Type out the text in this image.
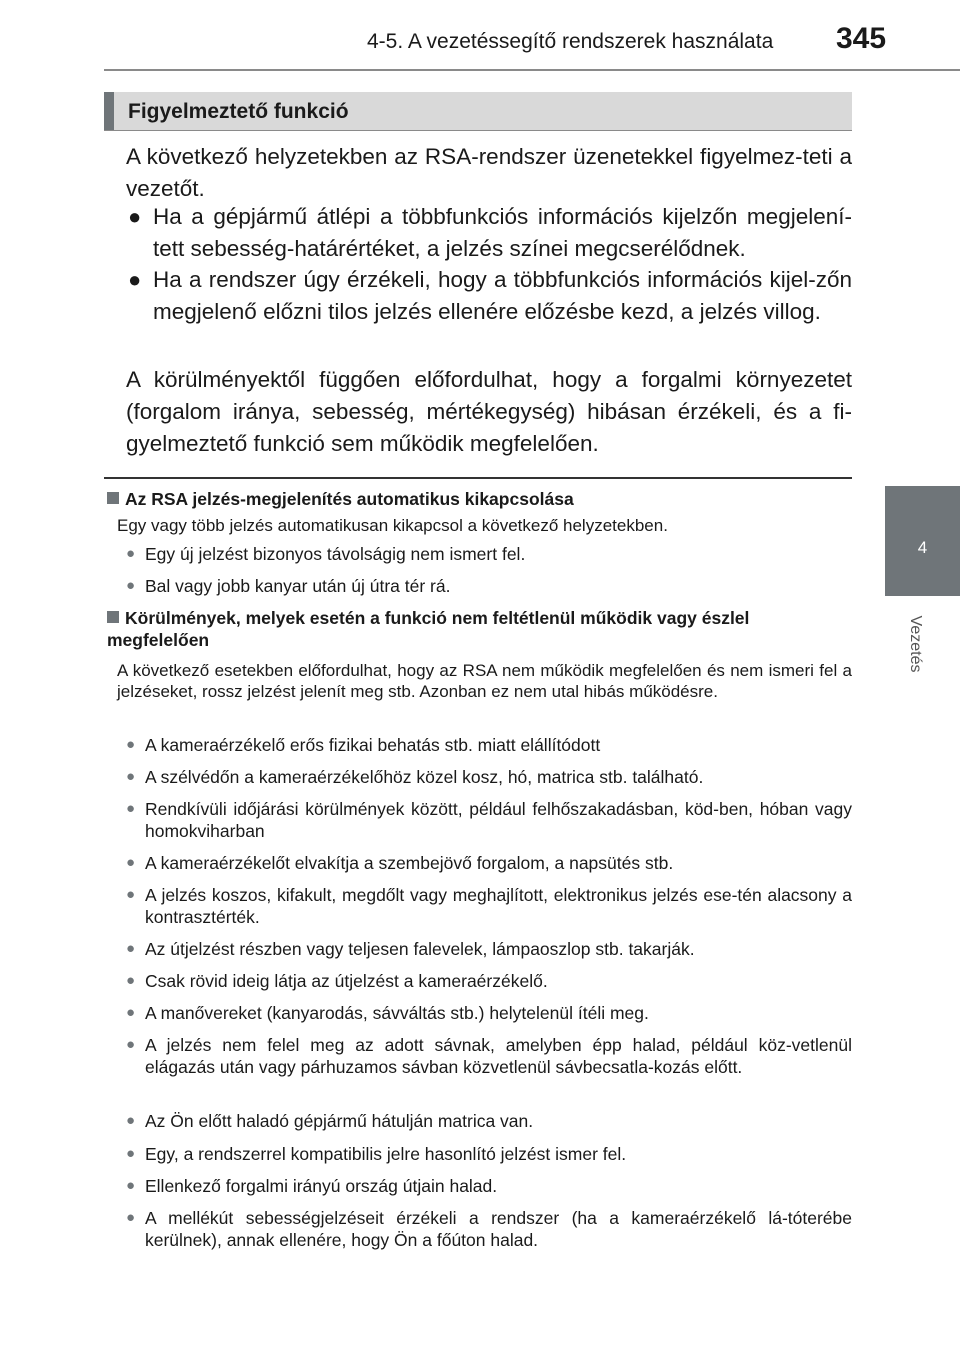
4-5. A vezetéssegítő rendszerek használata 345
4
Vezetés
Figyelmeztető funkció
A következő helyzetekben az RSA-rendszer üzenetekkel figyelmez-teti a vezetőt.
● Ha a gépjármű átlépi a többfunkciós információs kijelzőn megjelení-tett sebesség-határértéket, a jelzés színei megcserélődnek.
● Ha a rendszer úgy érzékeli, hogy a többfunkciós információs kijel-zőn megjelenő előzni tilos jelzés ellenére előzésbe kezd, a jelzés villog.
A körülményektől függően előfordulhat, hogy a forgalmi környezetet (forgalom iránya, sebesség, mértékegység) hibásan érzékeli, és a fi-gyelmeztető funkció sem működik megfelelően.
Az RSA jelzés-megjelenítés automatikus kikapcsolása
Egy vagy több jelzés automatikusan kikapcsol a következő helyzetekben.
● Egy új jelzést bizonyos távolságig nem ismert fel.
● Bal vagy jobb kanyar után új útra tér rá.
Körülmények, melyek esetén a funkció nem feltétlenül működik vagy észlel megfelelően
A következő esetekben előfordulhat, hogy az RSA nem működik megfelelően és nem ismeri fel a jelzéseket, rossz jelzést jelenít meg stb. Azonban ez nem utal hibás működésre.
● A kameraérzékelő erős fizikai behatás stb. miatt elállítódott
● A szélvédőn a kameraérzékelőhöz közel kosz, hó, matrica stb. található.
● Rendkívüli időjárási körülmények között, például felhőszakadásban, köd-ben, hóban vagy homokviharban
● A kameraérzékelőt elvakítja a szembejövő forgalom, a napsütés stb.
● A jelzés koszos, kifakult, megdőlt vagy meghajlított, elektronikus jelzés ese-tén alacsony a kontrasztérték.
● Az útjelzést részben vagy teljesen falevelek, lámpaoszlop stb. takarják.
● Csak rövid ideig látja az útjelzést a kameraérzékelő.
● A manővereket (kanyarodás, sávváltás stb.) helytelenül ítéli meg.
● A jelzés nem felel meg az adott sávnak, amelyben épp halad, például köz-vetlenül elágazás után vagy párhuzamos sávban közvetlenül sávbecsatla-kozás előtt.
● Az Ön előtt haladó gépjármű hátulján matrica van.
● Egy, a rendszerrel kompatibilis jelre hasonlító jelzést ismer fel.
● Ellenkező forgalmi irányú ország útjain halad.
● A mellékút sebességjelzéseit érzékeli a rendszer (ha a kameraérzékelő lá-tóterébe kerülnek), annak ellenére, hogy Ön a főúton halad.
